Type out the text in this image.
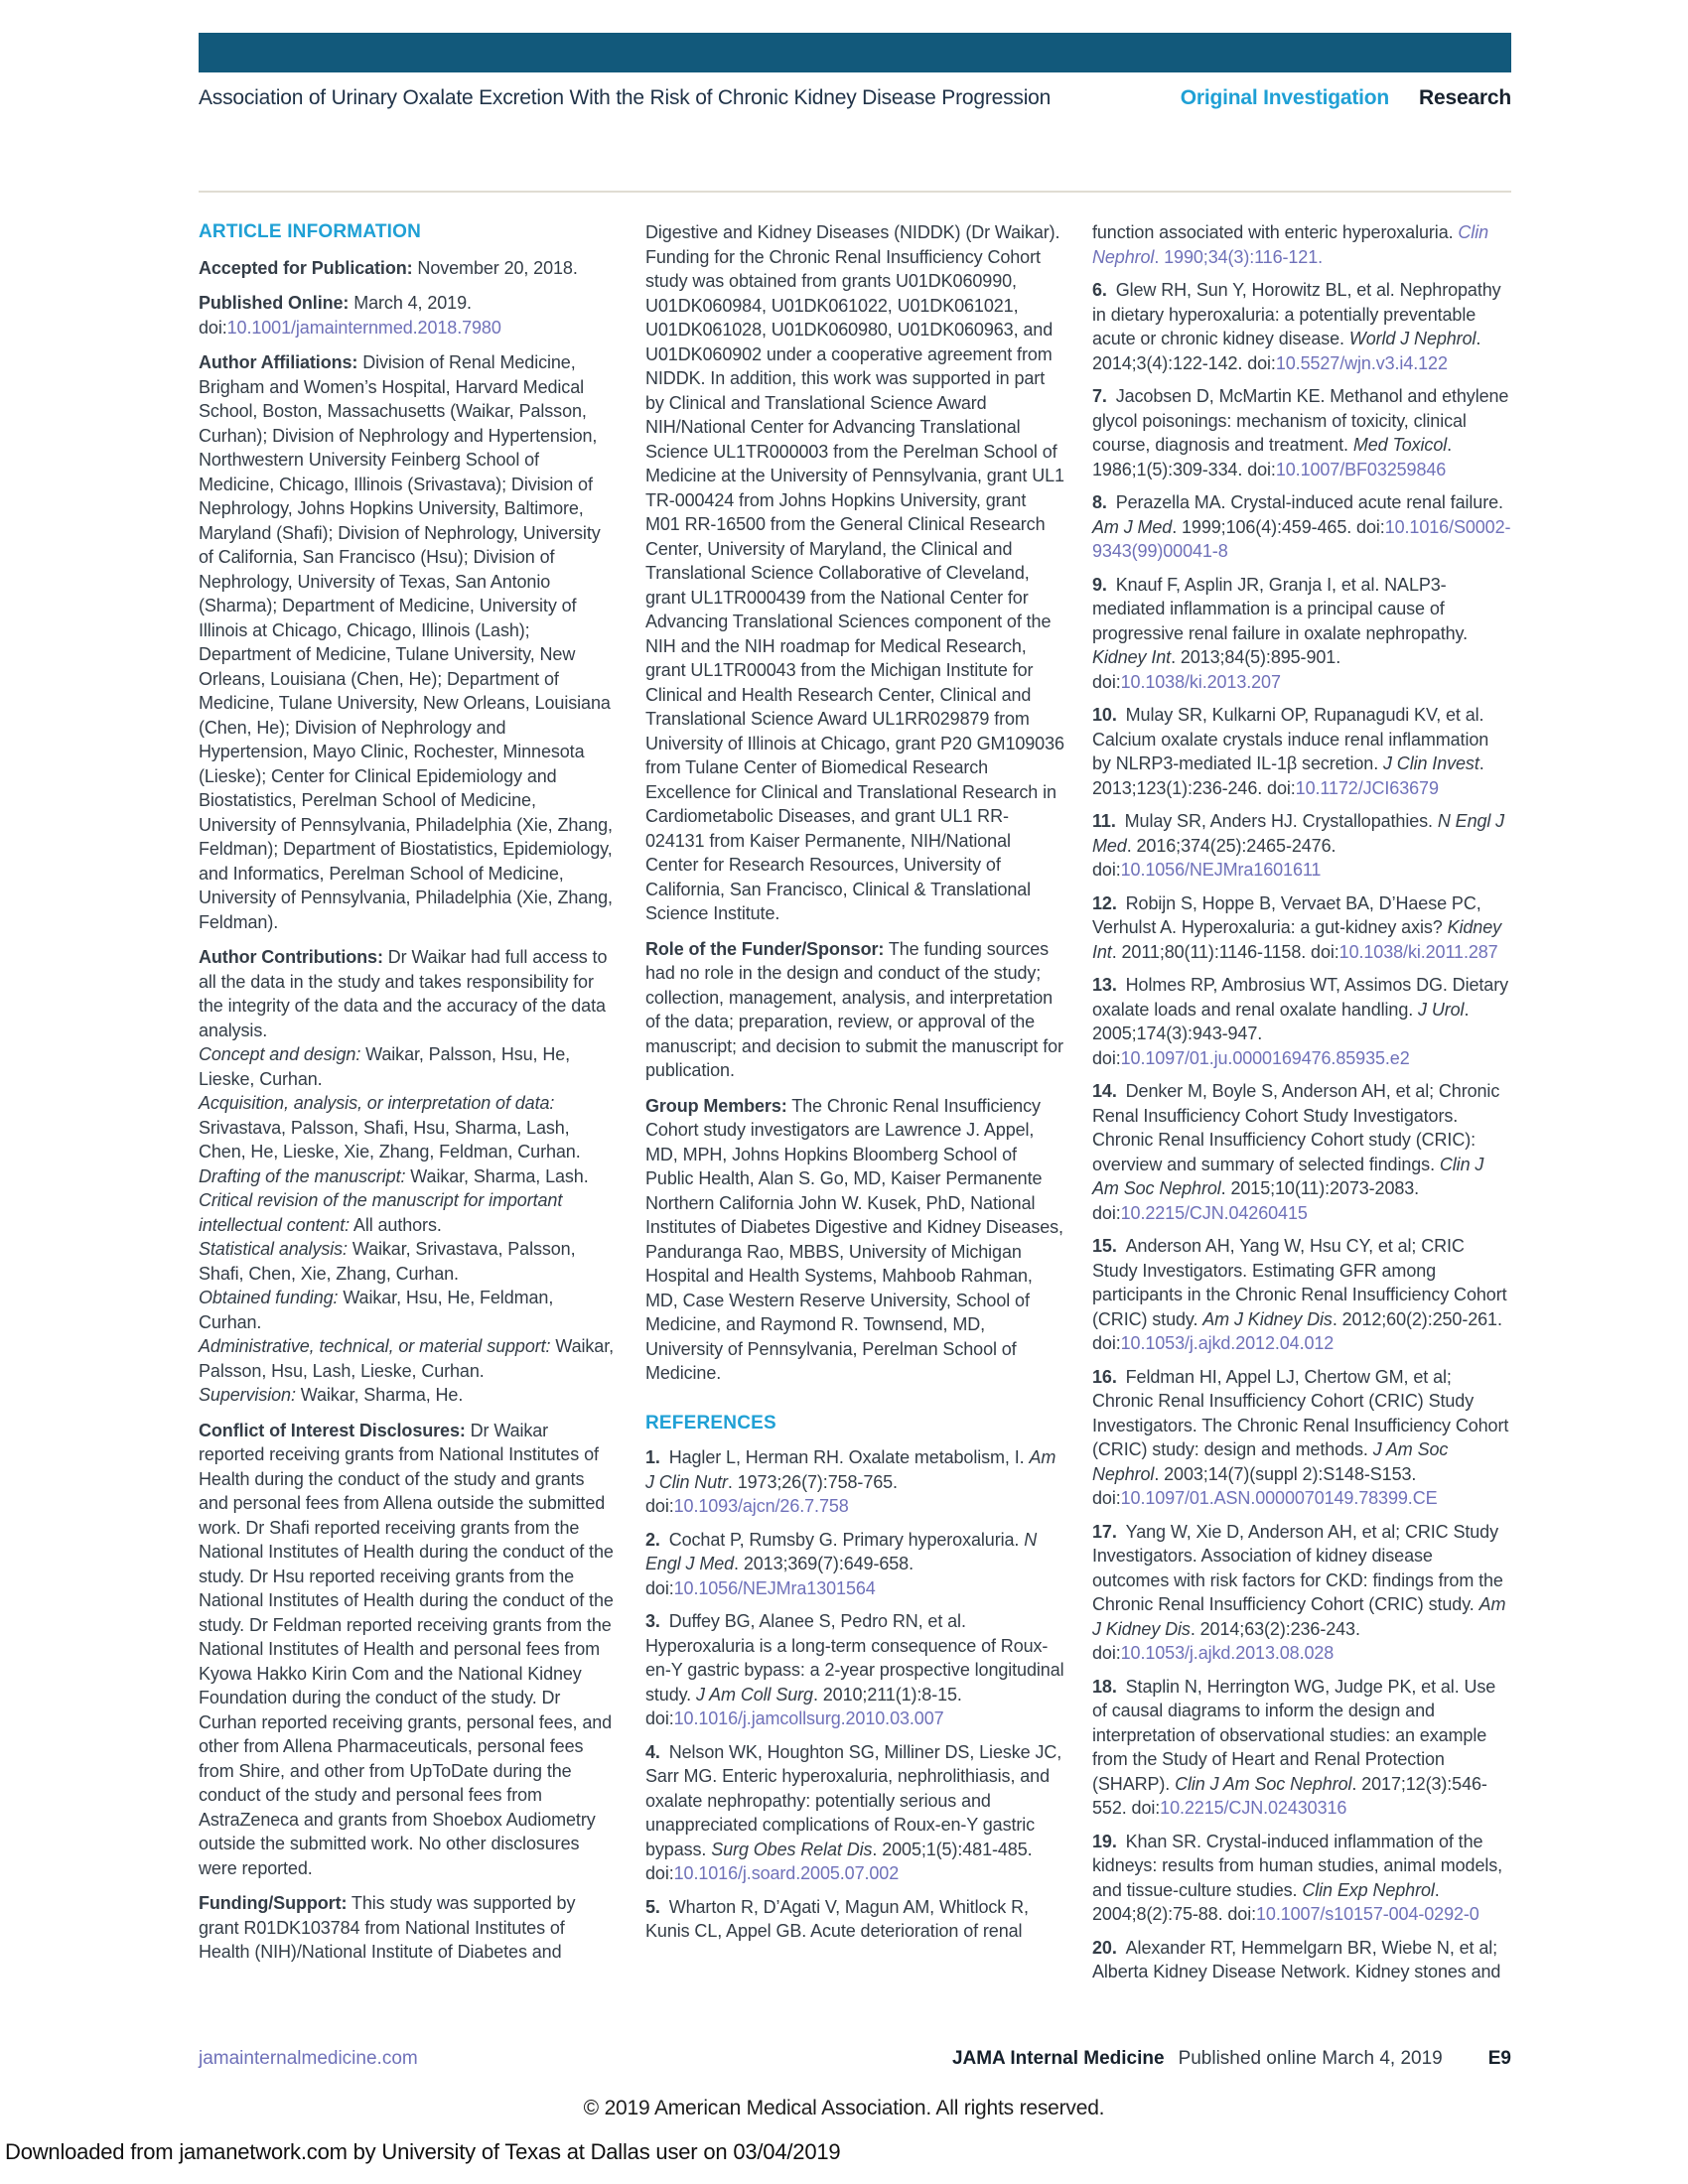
Association of Urinary Oxalate Excretion With the Risk of Chronic Kidney Disease Progression	Original Investigation Research
ARTICLE INFORMATION
Accepted for Publication: November 20, 2018.
Published Online: March 4, 2019. doi:10.1001/jamainternmed.2018.7980
Author Affiliations: Division of Renal Medicine, Brigham and Women’s Hospital, Harvard Medical School, Boston, Massachusetts (Waikar, Palsson, Curhan); Division of Nephrology and Hypertension, Northwestern University Feinberg School of Medicine, Chicago, Illinois (Srivastava); Division of Nephrology, Johns Hopkins University, Baltimore, Maryland (Shafi); Division of Nephrology, University of California, San Francisco (Hsu); Division of Nephrology, University of Texas, San Antonio (Sharma); Department of Medicine, University of Illinois at Chicago, Chicago, Illinois (Lash); Department of Medicine, Tulane University, New Orleans, Louisiana (Chen, He); Department of Medicine, Tulane University, New Orleans, Louisiana (Chen, He); Division of Nephrology and Hypertension, Mayo Clinic, Rochester, Minnesota (Lieske); Center for Clinical Epidemiology and Biostatistics, Perelman School of Medicine, University of Pennsylvania, Philadelphia (Xie, Zhang, Feldman); Department of Biostatistics, Epidemiology, and Informatics, Perelman School of Medicine, University of Pennsylvania, Philadelphia (Xie, Zhang, Feldman).
Author Contributions: Dr Waikar had full access to all the data in the study and takes responsibility for the integrity of the data and the accuracy of the data analysis.
Concept and design: Waikar, Palsson, Hsu, He, Lieske, Curhan.
Acquisition, analysis, or interpretation of data: Srivastava, Palsson, Shafi, Hsu, Sharma, Lash, Chen, He, Lieske, Xie, Zhang, Feldman, Curhan.
Drafting of the manuscript: Waikar, Sharma, Lash.
Critical revision of the manuscript for important intellectual content: All authors.
Statistical analysis: Waikar, Srivastava, Palsson, Shafi, Chen, Xie, Zhang, Curhan.
Obtained funding: Waikar, Hsu, He, Feldman, Curhan.
Administrative, technical, or material support: Waikar, Palsson, Hsu, Lash, Lieske, Curhan.
Supervision: Waikar, Sharma, He.
Conflict of Interest Disclosures: Dr Waikar reported receiving grants from National Institutes of Health during the conduct of the study and grants and personal fees from Allena outside the submitted work. Dr Shafi reported receiving grants from the National Institutes of Health during the conduct of the study. Dr Hsu reported receiving grants from the National Institutes of Health during the conduct of the study. Dr Feldman reported receiving grants from the National Institutes of Health and personal fees from Kyowa Hakko Kirin Com and the National Kidney Foundation during the conduct of the study. Dr Curhan reported receiving grants, personal fees, and other from Allena Pharmaceuticals, personal fees from Shire, and other from UpToDate during the conduct of the study and personal fees from AstraZeneca and grants from Shoebox Audiometry outside the submitted work. No other disclosures were reported.
Funding/Support: This study was supported by grant R01DK103784 from National Institutes of Health (NIH)/National Institute of Diabetes and
Digestive and Kidney Diseases (NIDDK) (Dr Waikar). Funding for the Chronic Renal Insufficiency Cohort study was obtained from grants U01DK060990, U01DK060984, U01DK061022, U01DK061021, U01DK061028, U01DK060980, U01DK060963, and U01DK060902 under a cooperative agreement from NIDDK. In addition, this work was supported in part by Clinical and Translational Science Award NIH/National Center for Advancing Translational Science UL1TR000003 from the Perelman School of Medicine at the University of Pennsylvania, grant UL1 TR-000424 from Johns Hopkins University, grant M01 RR-16500 from the General Clinical Research Center, University of Maryland, the Clinical and Translational Science Collaborative of Cleveland, grant UL1TR000439 from the National Center for Advancing Translational Sciences component of the NIH and the NIH roadmap for Medical Research, grant UL1TR00043 from the Michigan Institute for Clinical and Health Research Center, Clinical and Translational Science Award UL1RR029879 from University of Illinois at Chicago, grant P20 GM109036 from Tulane Center of Biomedical Research Excellence for Clinical and Translational Research in Cardiometabolic Diseases, and grant UL1 RR-024131 from Kaiser Permanente, NIH/National Center for Research Resources, University of California, San Francisco, Clinical & Translational Science Institute.
Role of the Funder/Sponsor: The funding sources had no role in the design and conduct of the study; collection, management, analysis, and interpretation of the data; preparation, review, or approval of the manuscript; and decision to submit the manuscript for publication.
Group Members: The Chronic Renal Insufficiency Cohort study investigators are Lawrence J. Appel, MD, MPH, Johns Hopkins Bloomberg School of Public Health, Alan S. Go, MD, Kaiser Permanente Northern California John W. Kusek, PhD, National Institutes of Diabetes Digestive and Kidney Diseases, Panduranga Rao, MBBS, University of Michigan Hospital and Health Systems, Mahboob Rahman, MD, Case Western Reserve University, School of Medicine, and Raymond R. Townsend, MD, University of Pennsylvania, Perelman School of Medicine.
REFERENCES
1. Hagler L, Herman RH. Oxalate metabolism, I. Am J Clin Nutr. 1973;26(7):758-765. doi:10.1093/ajcn/26.7.758
2. Cochat P, Rumsby G. Primary hyperoxaluria. N Engl J Med. 2013;369(7):649-658. doi:10.1056/NEJMra1301564
3. Duffey BG, Alanee S, Pedro RN, et al. Hyperoxaluria is a long-term consequence of Roux-en-Y gastric bypass: a 2-year prospective longitudinal study. J Am Coll Surg. 2010;211(1):8-15. doi:10.1016/j.jamcollsurg.2010.03.007
4. Nelson WK, Houghton SG, Milliner DS, Lieske JC, Sarr MG. Enteric hyperoxaluria, nephrolithiasis, and oxalate nephropathy: potentially serious and unappreciated complications of Roux-en-Y gastric bypass. Surg Obes Relat Dis. 2005;1(5):481-485. doi:10.1016/j.soard.2005.07.002
5. Wharton R, D’Agati V, Magun AM, Whitlock R, Kunis CL, Appel GB. Acute deterioration of renal
function associated with enteric hyperoxaluria. Clin Nephrol. 1990;34(3):116-121.
6. Glew RH, Sun Y, Horowitz BL, et al. Nephropathy in dietary hyperoxaluria: a potentially preventable acute or chronic kidney disease. World J Nephrol. 2014;3(4):122-142. doi:10.5527/wjn.v3.i4.122
7. Jacobsen D, McMartin KE. Methanol and ethylene glycol poisonings: mechanism of toxicity, clinical course, diagnosis and treatment. Med Toxicol. 1986;1(5):309-334. doi:10.1007/BF03259846
8. Perazella MA. Crystal-induced acute renal failure. Am J Med. 1999;106(4):459-465. doi:10.1016/S0002-9343(99)00041-8
9. Knauf F, Asplin JR, Granja I, et al. NALP3-mediated inflammation is a principal cause of progressive renal failure in oxalate nephropathy. Kidney Int. 2013;84(5):895-901. doi:10.1038/ki.2013.207
10. Mulay SR, Kulkarni OP, Rupanagudi KV, et al. Calcium oxalate crystals induce renal inflammation by NLRP3-mediated IL-1β secretion. J Clin Invest. 2013;123(1):236-246. doi:10.1172/JCI63679
11. Mulay SR, Anders HJ. Crystallopathies. N Engl J Med. 2016;374(25):2465-2476. doi:10.1056/NEJMra1601611
12. Robijn S, Hoppe B, Vervaet BA, D’Haese PC, Verhulst A. Hyperoxaluria: a gut-kidney axis? Kidney Int. 2011;80(11):1146-1158. doi:10.1038/ki.2011.287
13. Holmes RP, Ambrosius WT, Assimos DG. Dietary oxalate loads and renal oxalate handling. J Urol. 2005;174(3):943-947. doi:10.1097/01.ju.0000169476.85935.e2
14. Denker M, Boyle S, Anderson AH, et al; Chronic Renal Insufficiency Cohort Study Investigators. Chronic Renal Insufficiency Cohort study (CRIC): overview and summary of selected findings. Clin J Am Soc Nephrol. 2015;10(11):2073-2083. doi:10.2215/CJN.04260415
15. Anderson AH, Yang W, Hsu CY, et al; CRIC Study Investigators. Estimating GFR among participants in the Chronic Renal Insufficiency Cohort (CRIC) study. Am J Kidney Dis. 2012;60(2):250-261. doi:10.1053/j.ajkd.2012.04.012
16. Feldman HI, Appel LJ, Chertow GM, et al; Chronic Renal Insufficiency Cohort (CRIC) Study Investigators. The Chronic Renal Insufficiency Cohort (CRIC) study: design and methods. J Am Soc Nephrol. 2003;14(7)(suppl 2):S148-S153. doi:10.1097/01.ASN.0000070149.78399.CE
17. Yang W, Xie D, Anderson AH, et al; CRIC Study Investigators. Association of kidney disease outcomes with risk factors for CKD: findings from the Chronic Renal Insufficiency Cohort (CRIC) study. Am J Kidney Dis. 2014;63(2):236-243. doi:10.1053/j.ajkd.2013.08.028
18. Staplin N, Herrington WG, Judge PK, et al. Use of causal diagrams to inform the design and interpretation of observational studies: an example from the Study of Heart and Renal Protection (SHARP). Clin J Am Soc Nephrol. 2017;12(3):546-552. doi:10.2215/CJN.02430316
19. Khan SR. Crystal-induced inflammation of the kidneys: results from human studies, animal models, and tissue-culture studies. Clin Exp Nephrol. 2004;8(2):75-88. doi:10.1007/s10157-004-0292-0
20. Alexander RT, Hemmelgarn BR, Wiebe N, et al; Alberta Kidney Disease Network. Kidney stones and
jamainternalmedicine.com	JAMA Internal Medicine Published online March 4, 2019 E9
© 2019 American Medical Association. All rights reserved.
Downloaded from jamanetwork.com by University of Texas at Dallas user on 03/04/2019
